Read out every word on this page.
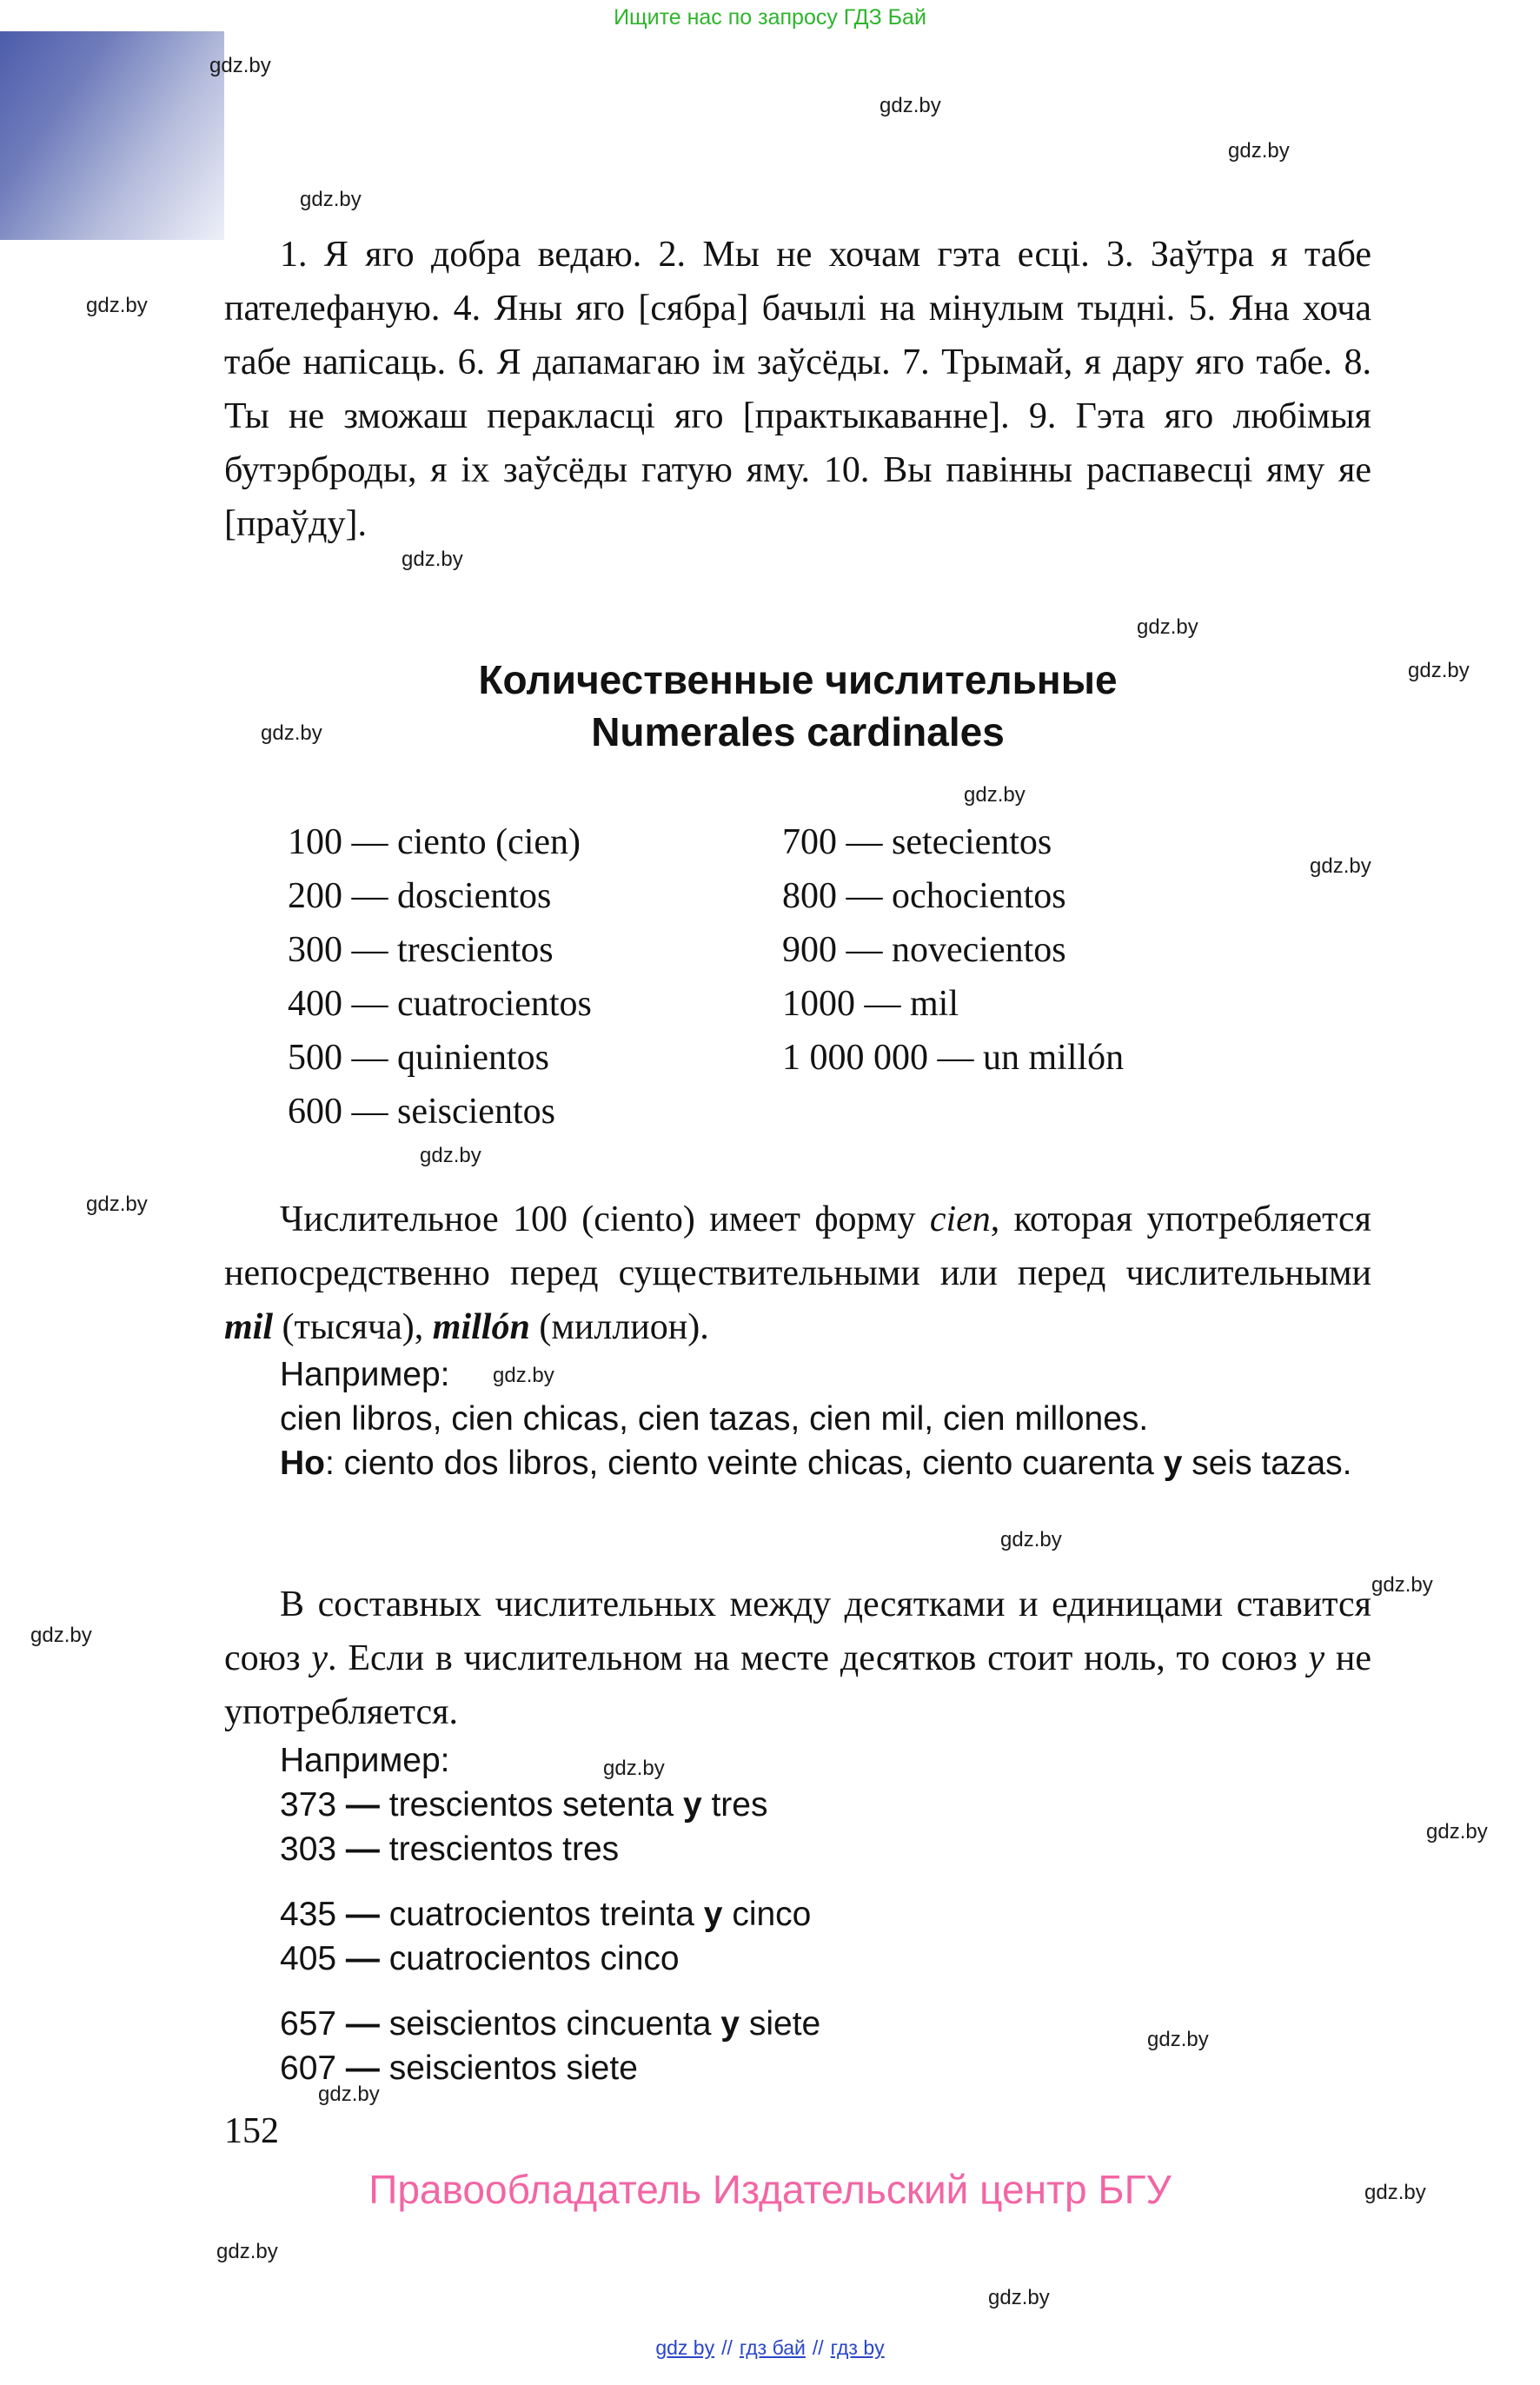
Ищите нас по запросу ГДЗ Бай
gdz.by
gdz.by
gdz.by
gdz.by
gdz.by
gdz.by
gdz.by
gdz.by
gdz.by
gdz.by
gdz.by
gdz.by
gdz.by
gdz.by
gdz.by
gdz.by
gdz.by
gdz.by
gdz.by
gdz.by
gdz.by
gdz.by
gdz.by
gdz.by

1. Я яго добра ведаю. 2. Мы не хочам гэта есці. 3. Заўтра я табе пателефаную. 4. Яны яго [сябра] бачылі на мінулым тыдні. 5. Яна хоча табе напісаць. 6. Я дапамагаю ім заўсёды. 7. Трымай, я дару яго табе. 8. Ты не зможаш перакласці яго [практыкаванне]. 9. Гэта яго любімыя бутэрброды, я іх заўсёды гатую яму. 10. Вы павінны распавесці яму яе [праўду].

Количественные числительные
Numerales cardinales
100 — ciento (cien)
200 — doscientos
300 — trescientos
400 — cuatrocientos
500 — quinientos
600 — seiscientos
700 — setecientos
800 — ochocientos
900 — novecientos
1000 — mil
1 000 000 — un millón

Числительное 100 (ciento) имеет форму cien, которая употребляется непосредственно перед существительными или перед числительными mil (тысяча), millón (миллион).

Например:

cien libros, cien chicas, cien tazas, cien mil, cien millones.

Но: ciento dos libros, ciento veinte chicas, ciento cuarenta y seis tazas.

В составных числительных между десятками и единицами ставится союз y. Если в числительном на месте десятков стоит ноль, то союз y не употребляется.

Например:

373 — trescientos setenta y tres

303 — trescientos tres

435 — cuatrocientos treinta y cinco

405 — cuatrocientos cinco

657 — seiscientos cincuenta y siete

607 — seiscientos siete

152
Правообладатель Издательский центр БГУ
gdz by // гдз бай // гдз by
